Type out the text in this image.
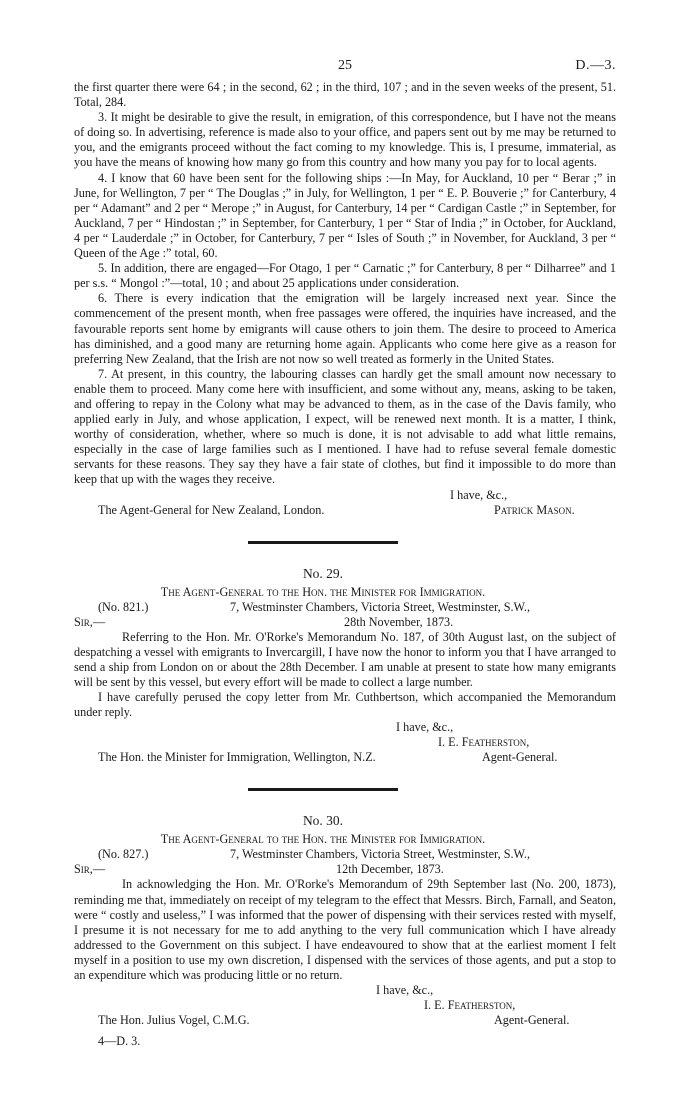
25	D.—3.

the first quarter there were 64 ; in the second, 62 ; in the third, 107 ; and in the seven weeks of the present, 51. Total, 284.

3. It might be desirable to give the result, in emigration, of this correspondence, but I have not the means of doing so. In advertising, reference is made also to your office, and papers sent out by me may be returned to you, and the emigrants proceed without the fact coming to my knowledge. This is, I presume, immaterial, as you have the means of knowing how many go from this country and how many you pay for to local agents.

4. I know that 60 have been sent for the following ships :—In May, for Auckland, 10 per “ Berar ;” in June, for Wellington, 7 per “ The Douglas ;” in July, for Wellington, 1 per “ E. P. Bouverie ;” for Canterbury, 4 per “ Adamant” and 2 per “ Merope ;” in August, for Canterbury, 14 per “ Cardigan Castle ;” in September, for Auckland, 7 per “ Hindostan ;” in September, for Canterbury, 1 per “ Star of India ;” in October, for Auckland, 4 per “ Lauderdale ;” in October, for Canterbury, 7 per “ Isles of South ;” in November, for Auckland, 3 per “ Queen of the Age :” total, 60.

5. In addition, there are engaged—For Otago, 1 per “ Carnatic ;” for Canterbury, 8 per “ Dilharree” and 1 per s.s. “ Mongol :”—total, 10 ; and about 25 applications under consideration.

6. There is every indication that the emigration will be largely increased next year. Since the commencement of the present month, when free passages were offered, the inquiries have increased, and the favourable reports sent home by emigrants will cause others to join them. The desire to proceed to America has diminished, and a good many are returning home again. Applicants who come here give as a reason for preferring New Zealand, that the Irish are not now so well treated as formerly in the United States.

7. At present, in this country, the labouring classes can hardly get the small amount now necessary to enable them to proceed. Many come here with insufficient, and some without any, means, asking to be taken, and offering to repay in the Colony what may be advanced to them, as in the case of the Davis family, who applied early in July, and whose application, I expect, will be renewed next month. It is a matter, I think, worthy of consideration, whether, where so much is done, it is not advisable to add what little remains, especially in the case of large families such as I mentioned. I have had to refuse several female domestic servants for these reasons. They say they have a fair state of clothes, but find it impossible to do more than keep that up with the wages they receive.

I have, &c.,
The Agent-General for New Zealand, London.	Patrick Mason.
No. 29.
The Agent-General to the Hon. the Minister for Immigration.
(No. 821.)	7, Westminster Chambers, Victoria Street, Westminster, S.W.,
Sir,—	28th November, 1873.

Referring to the Hon. Mr. O'Rorke's Memorandum No. 187, of 30th August last, on the subject of despatching a vessel with emigrants to Invercargill, I have now the honor to inform you that I have arranged to send a ship from London on or about the 28th December. I am unable at present to state how many emigrants will be sent by this vessel, but every effort will be made to collect a large number.

I have carefully perused the copy letter from Mr. Cuthbertson, which accompanied the Memorandum under reply.

I have, &c.,
I. E. Featherston,
The Hon. the Minister for Immigration, Wellington, N.Z.	Agent-General.
No. 30.
The Agent-General to the Hon. the Minister for Immigration.
(No. 827.)	7, Westminster Chambers, Victoria Street, Westminster, S.W.,
Sir,—	12th December, 1873.

In acknowledging the Hon. Mr. O'Rorke's Memorandum of 29th September last (No. 200, 1873), reminding me that, immediately on receipt of my telegram to the effect that Messrs. Birch, Farnall, and Seaton, were “ costly and useless,” I was informed that the power of dispensing with their services rested with myself, I presume it is not necessary for me to add anything to the very full communication which I have already addressed to the Government on this subject. I have endeavoured to show that at the earliest moment I felt myself in a position to use my own discretion, I dispensed with the services of those agents, and put a stop to an expenditure which was producing little or no return.

I have, &c.,
I. E. Featherston,
The Hon. Julius Vogel, C.M.G.	Agent-General.
4—D. 3.
